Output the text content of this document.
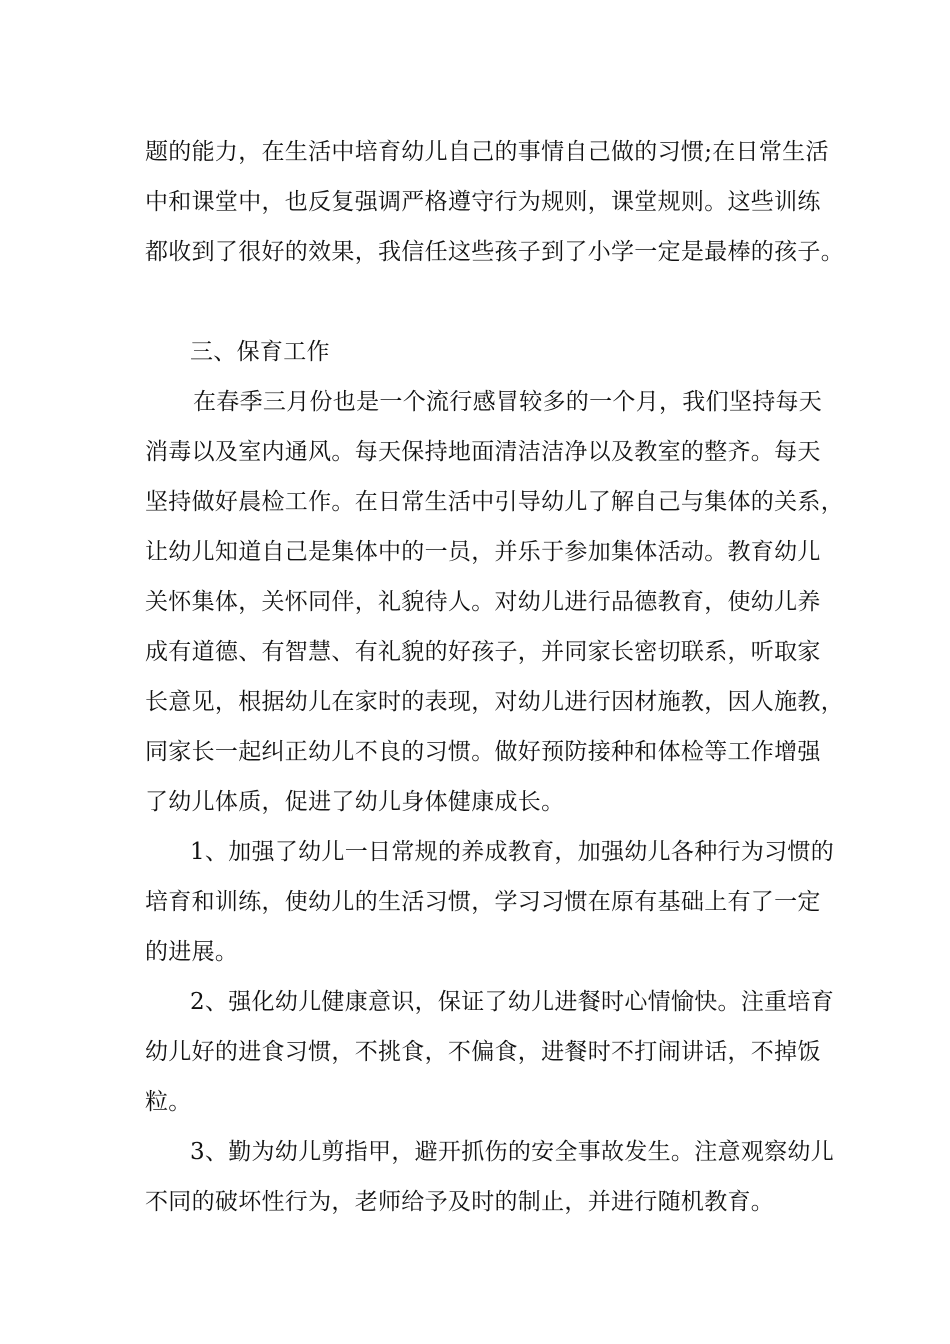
题的能力，在生活中培育幼儿自己的事情自己做的习惯;在日常生活
中和课堂中，也反复强调严格遵守行为规则，课堂规则。这些训练
都收到了很好的效果，我信任这些孩子到了小学一定是最棒的孩子。
三、保育工作
在春季三月份也是一个流行感冒较多的一个月，我们坚持每天
消毒以及室内通风。每天保持地面清洁洁净以及教室的整齐。每天
坚持做好晨检工作。在日常生活中引导幼儿了解自己与集体的关系，
让幼儿知道自己是集体中的一员，并乐于参加集体活动。教育幼儿
关怀集体，关怀同伴，礼貌待人。对幼儿进行品德教育，使幼儿养
成有道德、有智慧、有礼貌的好孩子，并同家长密切联系，听取家
长意见，根据幼儿在家时的表现，对幼儿进行因材施教，因人施教，
同家长一起纠正幼儿不良的习惯。做好预防接种和体检等工作增强
了幼儿体质，促进了幼儿身体健康成长。
1、加强了幼儿一日常规的养成教育，加强幼儿各种行为习惯的
培育和训练，使幼儿的生活习惯，学习习惯在原有基础上有了一定
的进展。
2、强化幼儿健康意识，保证了幼儿进餐时心情愉快。注重培育
幼儿好的进食习惯，不挑食，不偏食，进餐时不打闹讲话，不掉饭
粒。
3、勤为幼儿剪指甲，避开抓伤的安全事故发生。注意观察幼儿
不同的破坏性行为，老师给予及时的制止，并进行随机教育。
